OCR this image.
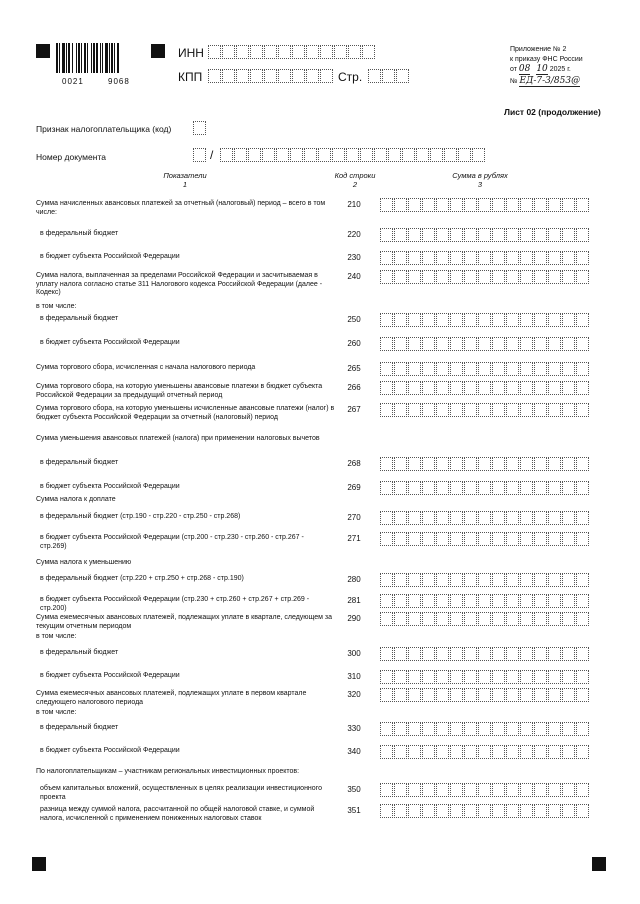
0021	9068
ИНН
КПП	Стр.
Приложение № 2
к приказу ФНС России
от 08 10 2025 г.
№ ЕД-7-3/853@
Лист 02 (продолжение)
Признак налогоплательщика (код)
Номер документа	/
Показатели
1
Код строки
2
Сумма в рублях
3
Сумма начисленных авансовых платежей за отчетный (налоговый) период – всего в том числе:
210
в федеральный бюджет	220
в бюджет субъекта Российской Федерации	230
Сумма налога, выплаченная за пределами Российской Федерации и засчитываемая в уплату налога согласно статье 311 Налогового кодекса Российской Федерации (далее - Кодекс)
240
в том числе:
в федеральный бюджет	250
в бюджет субъекта Российской Федерации	260
Сумма торгового сбора, исчисленная с начала налогового периода	265
Сумма торгового сбора, на которую уменьшены авансовые платежи в бюджет субъекта Российской Федерации за предыдущий отчетный период
266
Сумма торгового сбора, на которую уменьшены исчисленные авансовые платежи (налог) в бюджет субъекта Российской Федерации за отчетный (налоговый) период
267
Сумма уменьшения авансовых платежей (налога) при применении налоговых вычетов
в федеральный бюджет	268
в бюджет субъекта Российской Федерации	269
Сумма налога к доплате
в федеральный бюджет (стр.190 - стр.220 - стр.250 - стр.268)	270
в бюджет субъекта Российской Федерации (стр.200 - стр.230 - стр.260 - стр.267 - стр.269)
271
Сумма налога к уменьшению
в федеральный бюджет (стр.220 + стр.250 + стр.268 - стр.190)	280
в бюджет субъекта Российской Федерации (стр.230 + стр.260 + стр.267 + стр.269 - стр.200)
281
Сумма ежемесячных авансовых платежей, подлежащих уплате в квартале, следующем за текущим отчетным периодом
290
в том числе:
в федеральный бюджет	300
в бюджет субъекта Российской Федерации	310
Сумма ежемесячных авансовых платежей, подлежащих уплате в первом квартале следующего налогового периода
320
в том числе:
в федеральный бюджет	330
в бюджет субъекта Российской Федерации	340
По налогоплательщикам – участникам региональных инвестиционных проектов:
объем капитальных вложений, осуществленных в целях реализации инвестиционного проекта
350
разница между суммой налога, рассчитанной по общей налоговой ставке, и суммой налога, исчисленной с применением пониженных налоговых ставок
351
